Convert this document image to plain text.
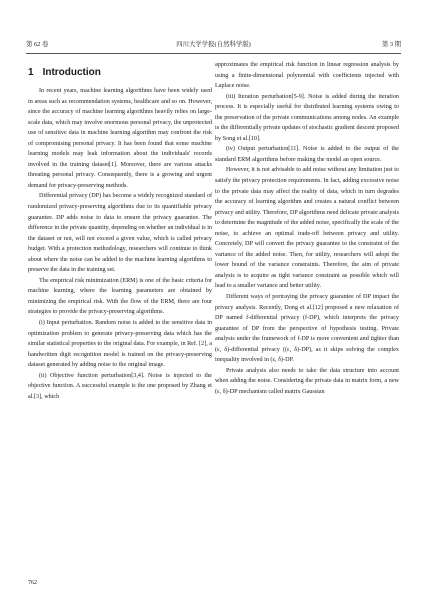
第 62 卷	四川大学学报(自然科学版)	第 3 期
1 Introduction

In recent years, machine learning algorithms have been widely used in areas such as recommendation systems, healthcare and so on. However, since the accuracy of machine learning algorithms heavily relies on large-scale data, which may involve enormous personal privacy, the unprotected use of sensitive data in machine learning algorithm may confront the risk of compromising personal privacy. It has been found that some machine learning models may leak information about the individuals' records involved in the training dataset[1]. Moreover, there are various attacks threating personal privacy. Consequently, there is a growing and urgent demand for privacy-preserving methods.

Differential privacy (DP) has become a widely recognized standard of randomized privacy-preserving algorithms due to its quantifiable privacy guarantee. DP adds noise to data to ensure the privacy guarantee. The difference in the private quantity, depending on whether an individual is in the dataset or not, will not exceed a given value, which is called privacy budget. With a protection methodology, researchers will continue to think about where the noise can be added to the machine learning algorithms to preserve the data in the training set.

The empirical risk minimization (ERM) is one of the basic criteria for machine learning, where the learning parameters are obtained by minimizing the empirical risk. With the flow of the ERM, there are four strategies to provide the privacy-preserving algorithms.

(i) Input perturbation. Random noise is added to the sensitive data in optimization problem to generate privacy-preserving data which has the similar statistical properties to the original data. For example, in Ref. [2], a handwritten digit recognition model is trained on the privacy-preserving dataset generated by adding noise to the original image.

(ii) Objective function perturbation[3,4]. Noise is injected to the objective function. A successful example is the one proposed by Zhang et al.[3], which

approximates the empirical risk function in linear regression analysis by using a finite-dimensional polynomial with coefficients injected with Laplace noise.

(iii) Iteration perturbation[5-9]. Noise is added during the iteration process. It is especially useful for distributed learning systems owing to the preservation of the private communications among nodes. An example is the differentially private updates of stochastic gradient descent proposed by Song et al.[10].

(iv) Output perturbation[11]. Noise is added to the output of the standard ERM algorithms before making the model an open source.

However, it is not advisable to add noise without any limitation just to satisfy the privacy protection requirements. In fact, adding excessive noise to the private data may affect the reality of data, which in turn degrades the accuracy of learning algorithm and creates a natural conflict between privacy and utility. Therefore, DP algorithms need delicate private analysis to determine the magnitude of the added noise, specifically the scale of the noise, to achieve an optimal trade-off between privacy and utility. Concretely, DP will convert the privacy guarantee to the constraint of the variance of the added noise. Then, for utility, researchers will adopt the lower bound of the variance constraints. Therefore, the aim of private analysis is to acquire as tight variance constraint as possible which will lead to a smaller variance and better utility.

Different ways of portraying the privacy guarantee of DP impact the privacy analysis. Recently, Dong et al.[12] proposed a new relaxation of DP named f-differential privacy (f-DP), which interprets the privacy guarantee of DP from the perspective of hypothesis testing. Private analysis under the framework of f-DP is more convenient and tighter than (ε, δ)-differential privacy ((ε, δ)-DP), as it skips solving the complex inequality involved in (ε, δ)-DP.

Private analysis also needs to take the data structure into account when adding the noise. Considering the private data in matrix form, a new (ε, δ)-DP mechanism called matrix Gaussian

762
